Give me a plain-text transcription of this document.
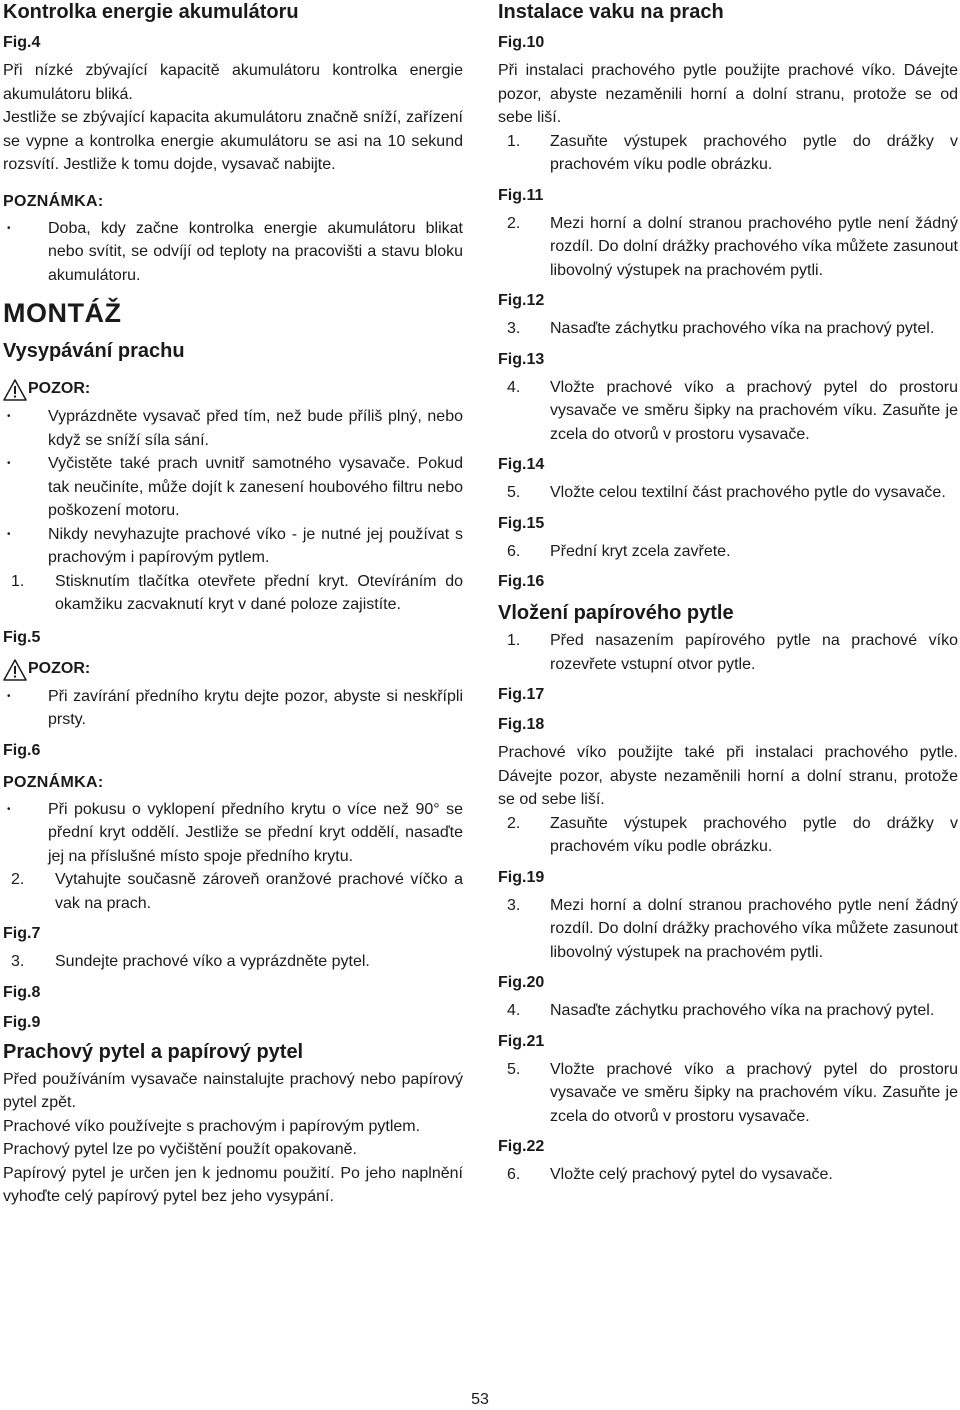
Kontrolka energie akumulátoru
Fig.4

Při nízké zbývající kapacitě akumulátoru kontrolka energie akumulátoru bliká.

Jestliže se zbývající kapacita akumulátoru značně sníží, zařízení se vypne a kontrolka energie akumulátoru se asi na 10 sekund rozsvítí. Jestliže k tomu dojde, vysavač nabijte.

POZNÁMKA:
• Doba, kdy začne kontrolka energie akumulátoru blikat nebo svítit, se odvíjí od teploty na pracovišti a stavu bloku akumulátoru.
MONTÁŽ
Vysypávání prachu
POZOR:
• Vyprázdněte vysavač před tím, než bude příliš plný, nebo když se sníží síla sání.
• Vyčistěte také prach uvnitř samotného vysavače. Pokud tak neučiníte, může dojít k zanesení houbového filtru nebo poškození motoru.
• Nikdy nevyhazujte prachové víko - je nutné jej používat s prachovým i papírovým pytlem.
1. Stisknutím tlačítka otevřete přední kryt. Otevíráním do okamžiku zacvaknutí kryt v dané poloze zajistíte.
Fig.5
POZOR:
• Při zavírání předního krytu dejte pozor, abyste si neskřípli prsty.
Fig.6
POZNÁMKA:
• Při pokusu o vyklopení předního krytu o více než 90° se přední kryt oddělí. Jestliže se přední kryt oddělí, nasaďte jej na příslušné místo spoje předního krytu.
2. Vytahujte současně zároveň oranžové prachové víčko a vak na prach.
Fig.7
3. Sundejte prachové víko a vyprázdněte pytel.
Fig.8
Fig.9
Prachový pytel a papírový pytel

Před používáním vysavače nainstalujte prachový nebo papírový pytel zpět.

Prachové víko používejte s prachovým i papírovým pytlem.

Prachový pytel lze po vyčištění použít opakovaně.

Papírový pytel je určen jen k jednomu použití. Po jeho naplnění vyhoďte celý papírový pytel bez jeho vysypání.

Instalace vaku na prach
Fig.10

Při instalaci prachového pytle použijte prachové víko. Dávejte pozor, abyste nezaměnili horní a dolní stranu, protože se od sebe liší.

1. Zasuňte výstupek prachového pytle do drážky v prachovém víku podle obrázku.
Fig.11
2. Mezi horní a dolní stranou prachového pytle není žádný rozdíl. Do dolní drážky prachového víka můžete zasunout libovolný výstupek na prachovém pytli.
Fig.12
3. Nasaďte záchytku prachového víka na prachový pytel.
Fig.13
4. Vložte prachové víko a prachový pytel do prostoru vysavače ve směru šipky na prachovém víku. Zasuňte je zcela do otvorů v prostoru vysavače.
Fig.14
5. Vložte celou textilní část prachového pytle do vysavače.
Fig.15
6. Přední kryt zcela zavřete.
Fig.16
Vložení papírového pytle
1. Před nasazením papírového pytle na prachové víko rozevřete vstupní otvor pytle.
Fig.17
Fig.18

Prachové víko použijte také při instalaci prachového pytle. Dávejte pozor, abyste nezaměnili horní a dolní stranu, protože se od sebe liší.

2. Zasuňte výstupek prachového pytle do drážky v prachovém víku podle obrázku.
Fig.19
3. Mezi horní a dolní stranou prachového pytle není žádný rozdíl. Do dolní drážky prachového víka můžete zasunout libovolný výstupek na prachovém pytli.
Fig.20
4. Nasaďte záchytku prachového víka na prachový pytel.
Fig.21
5. Vložte prachové víko a prachový pytel do prostoru vysavače ve směru šipky na prachovém víku. Zasuňte je zcela do otvorů v prostoru vysavače.
Fig.22
6. Vložte celý prachový pytel do vysavače.
53
